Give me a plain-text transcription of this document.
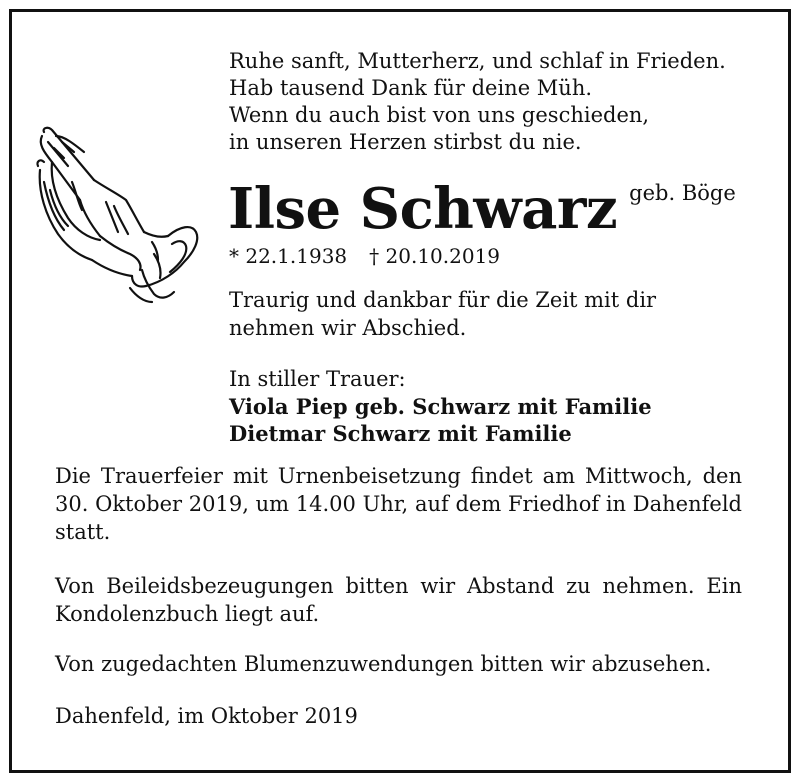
Ruhe sanft, Mutterherz, und schlaf in Frieden.
Hab tausend Dank für deine Müh.
Wenn du auch bist von uns geschieden,
in unseren Herzen stirbst du nie.
Ilse Schwarz geb. Böge
* 22.1.1938 † 20.10.2019
Traurig und dankbar für die Zeit mit dir
nehmen wir Abschied.
In stiller Trauer:
Viola Piep geb. Schwarz mit Familie
Dietmar Schwarz mit Familie
Die Trauerfeier mit Urnenbeisetzung findet am Mittwoch, den 30. Oktober 2019, um 14.00 Uhr, auf dem Friedhof in Dahenfeld statt.
Von Beileidsbezeugungen bitten wir Abstand zu nehmen. Ein Kondolenzbuch liegt auf.
Von zugedachten Blumenzuwendungen bitten wir abzusehen.
Dahenfeld, im Oktober 2019
